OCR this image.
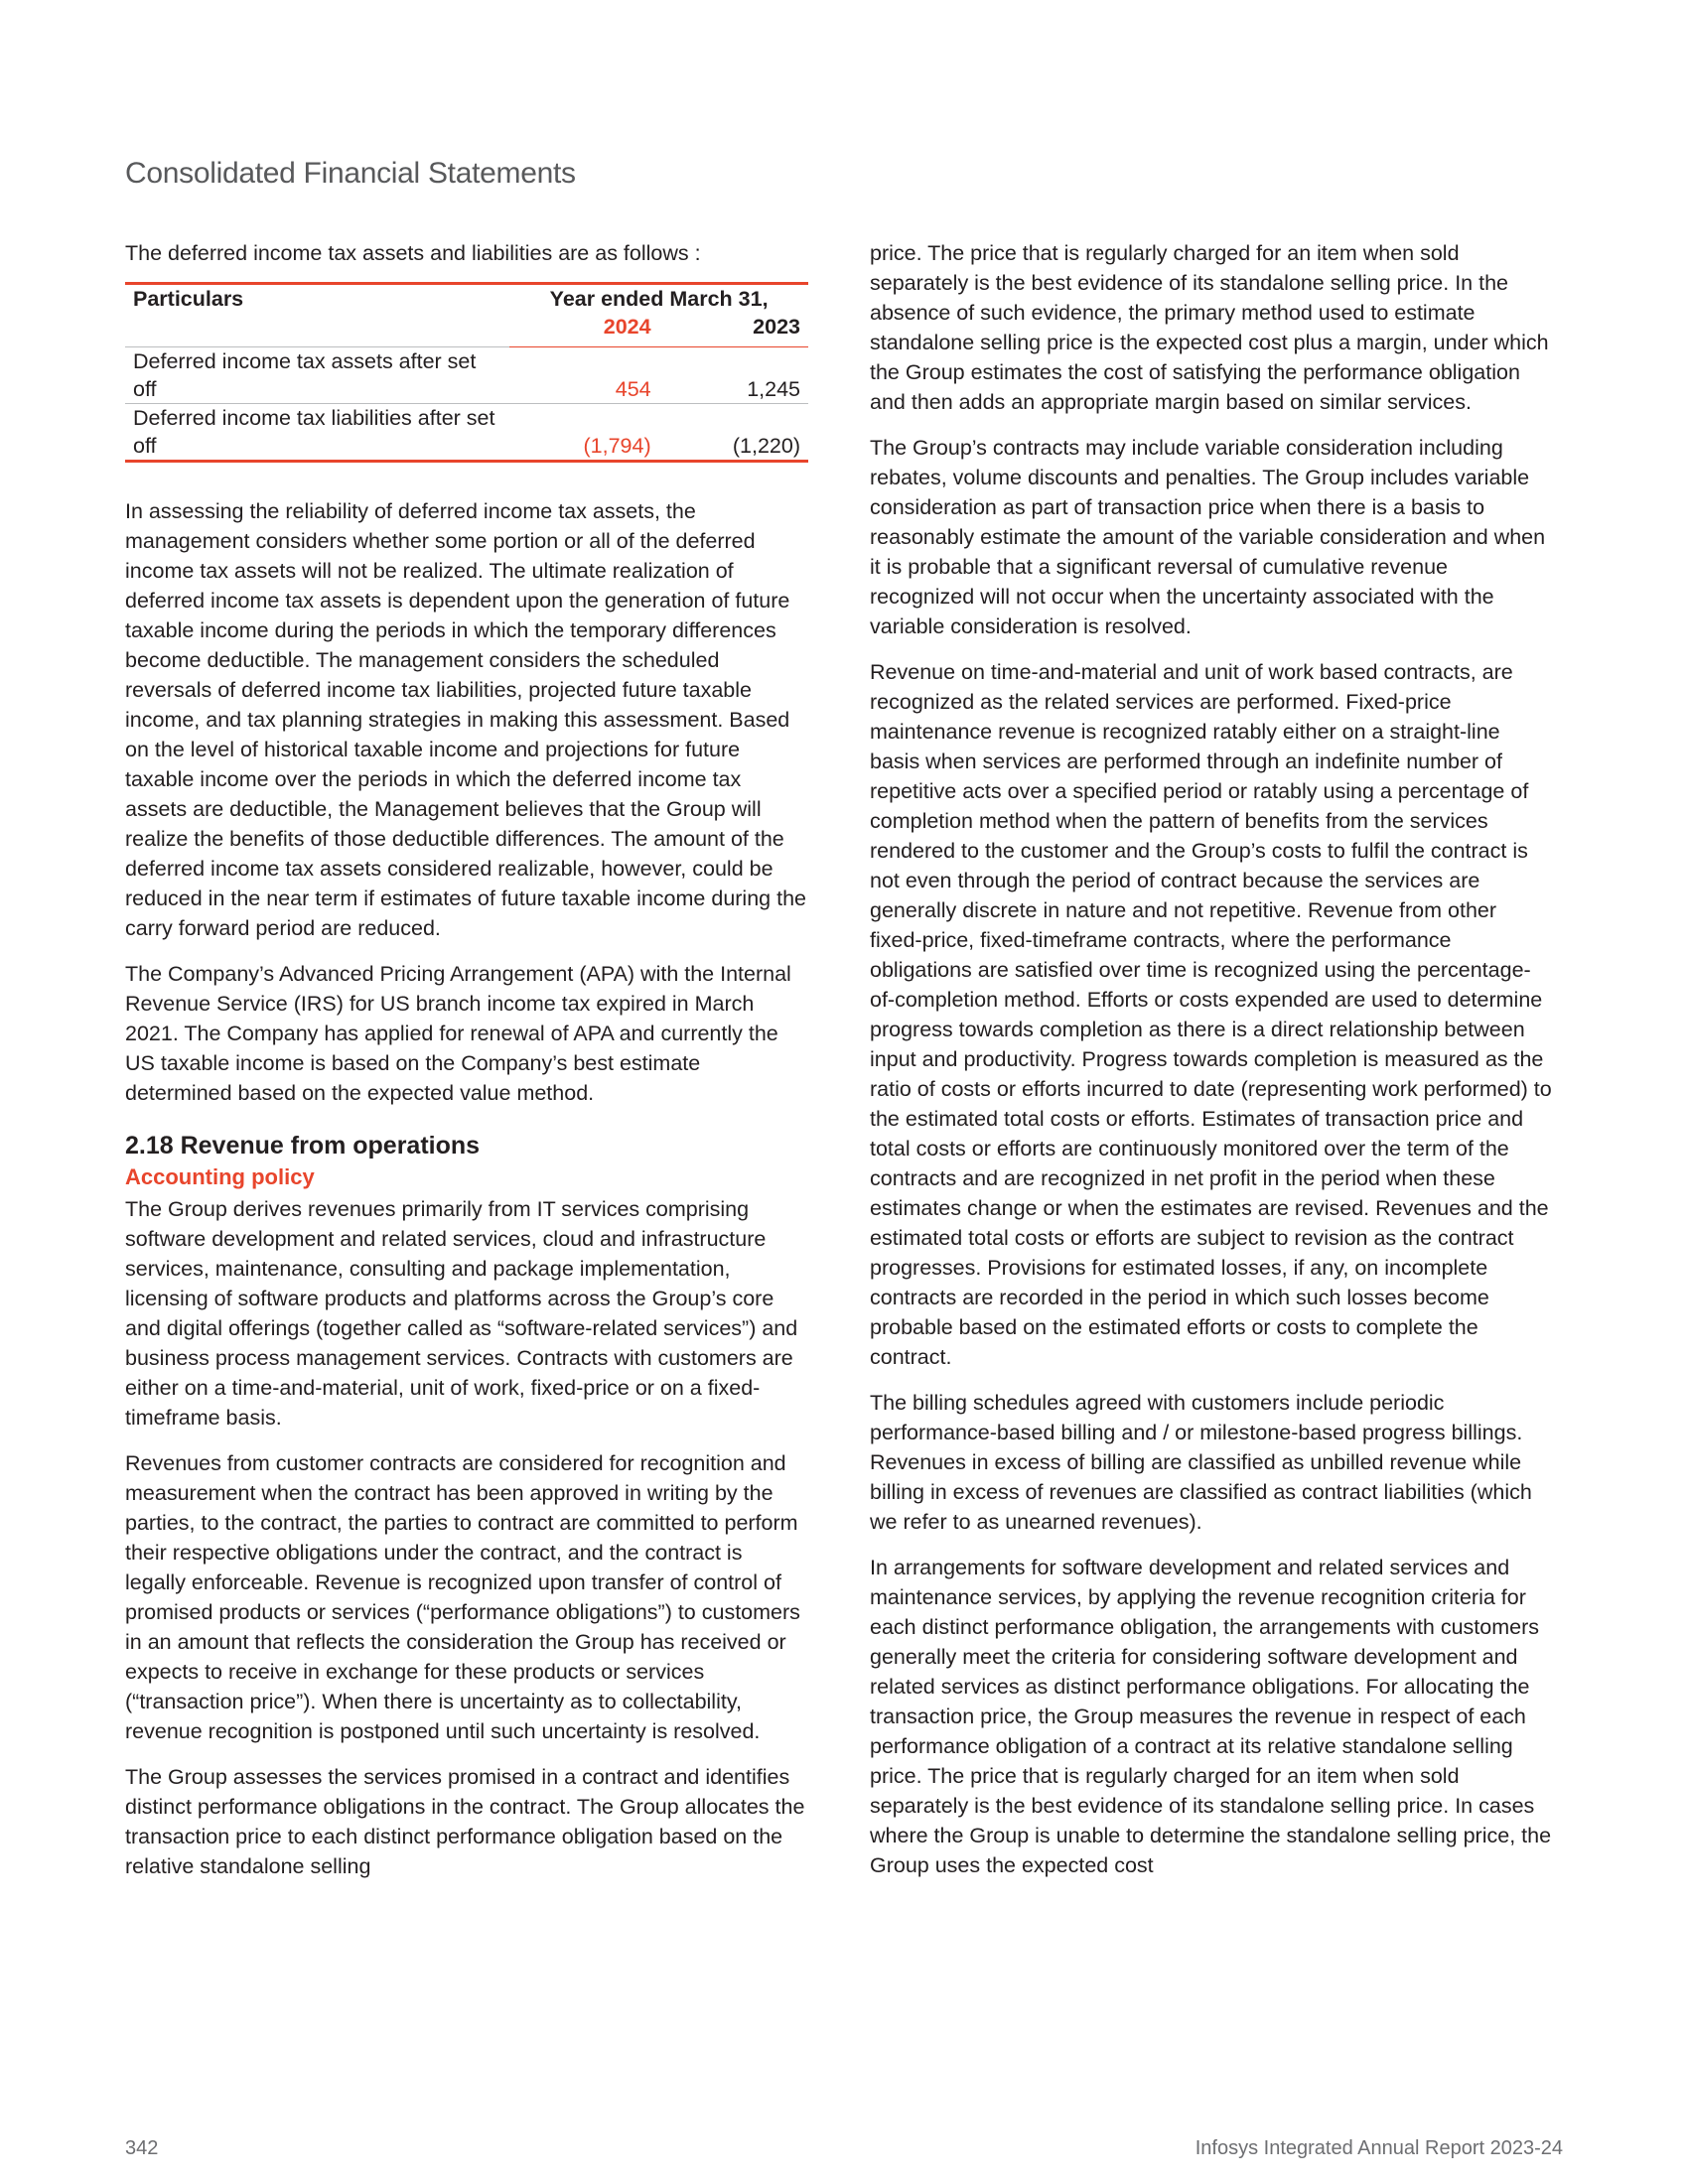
Consolidated Financial Statements

The deferred income tax assets and liabilities are as follows :

Particulars	Year ended March 31,	
	2024	2023
Deferred income tax assets after set off	454	1,245
Deferred income tax liabilities after set off	(1,794)	(1,220)

In assessing the reliability of deferred income tax assets, the management considers whether some portion or all of the deferred income tax assets will not be realized. The ultimate realization of deferred income tax assets is dependent upon the generation of future taxable income during the periods in which the temporary differences become deductible. The management considers the scheduled reversals of deferred income tax liabilities, projected future taxable income, and tax planning strategies in making this assessment. Based on the level of historical taxable income and projections for future taxable income over the periods in which the deferred income tax assets are deductible, the Management believes that the Group will realize the benefits of those deductible differences. The amount of the deferred income tax assets considered realizable, however, could be reduced in the near term if estimates of future taxable income during the carry forward period are reduced.

The Company’s Advanced Pricing Arrangement (APA) with the Internal Revenue Service (IRS) for US branch income tax expired in March 2021. The Company has applied for renewal of APA and currently the US taxable income is based on the Company’s best estimate determined based on the expected value method.

2.18 Revenue from operations
Accounting policy

The Group derives revenues primarily from IT services comprising software development and related services, cloud and infrastructure services, maintenance, consulting and package implementation, licensing of software products and platforms across the Group’s core and digital offerings (together called as “software-related services”) and business process management services. Contracts with customers are either on a time-and-material, unit of work, fixed-price or on a fixed-timeframe basis.

Revenues from customer contracts are considered for recognition and measurement when the contract has been approved in writing by the parties, to the contract, the parties to contract are committed to perform their respective obligations under the contract, and the contract is legally enforceable. Revenue is recognized upon transfer of control of promised products or services (“performance obligations”) to customers in an amount that reflects the consideration the Group has received or expects to receive in exchange for these products or services (“transaction price”). When there is uncertainty as to collectability, revenue recognition is postponed until such uncertainty is resolved.

The Group assesses the services promised in a contract and identifies distinct performance obligations in the contract. The Group allocates the transaction price to each distinct performance obligation based on the relative standalone selling

price. The price that is regularly charged for an item when sold separately is the best evidence of its standalone selling price. In the absence of such evidence, the primary method used to estimate standalone selling price is the expected cost plus a margin, under which the Group estimates the cost of satisfying the performance obligation and then adds an appropriate margin based on similar services.

The Group’s contracts may include variable consideration including rebates, volume discounts and penalties. The Group includes variable consideration as part of transaction price when there is a basis to reasonably estimate the amount of the variable consideration and when it is probable that a significant reversal of cumulative revenue recognized will not occur when the uncertainty associated with the variable consideration is resolved.

Revenue on time-and-material and unit of work based contracts, are recognized as the related services are performed. Fixed-price maintenance revenue is recognized ratably either on a straight-line basis when services are performed through an indefinite number of repetitive acts over a specified period or ratably using a percentage of completion method when the pattern of benefits from the services rendered to the customer and the Group’s costs to fulfil the contract is not even through the period of contract because the services are generally discrete in nature and not repetitive. Revenue from other fixed-price, fixed-timeframe contracts, where the performance obligations are satisfied over time is recognized using the percentage-of-completion method. Efforts or costs expended are used to determine progress towards completion as there is a direct relationship between input and productivity. Progress towards completion is measured as the ratio of costs or efforts incurred to date (representing work performed) to the estimated total costs or efforts. Estimates of transaction price and total costs or efforts are continuously monitored over the term of the contracts and are recognized in net profit in the period when these estimates change or when the estimates are revised. Revenues and the estimated total costs or efforts are subject to revision as the contract progresses. Provisions for estimated losses, if any, on incomplete contracts are recorded in the period in which such losses become probable based on the estimated efforts or costs to complete the contract.

The billing schedules agreed with customers include periodic performance-based billing and / or milestone-based progress billings. Revenues in excess of billing are classified as unbilled revenue while billing in excess of revenues are classified as contract liabilities (which we refer to as unearned revenues).

In arrangements for software development and related services and maintenance services, by applying the revenue recognition criteria for each distinct performance obligation, the arrangements with customers generally meet the criteria for considering software development and related services as distinct performance obligations. For allocating the transaction price, the Group measures the revenue in respect of each performance obligation of a contract at its relative standalone selling price. The price that is regularly charged for an item when sold separately is the best evidence of its standalone selling price. In cases where the Group is unable to determine the standalone selling price, the Group uses the expected cost

342	Infosys Integrated Annual Report 2023-24
